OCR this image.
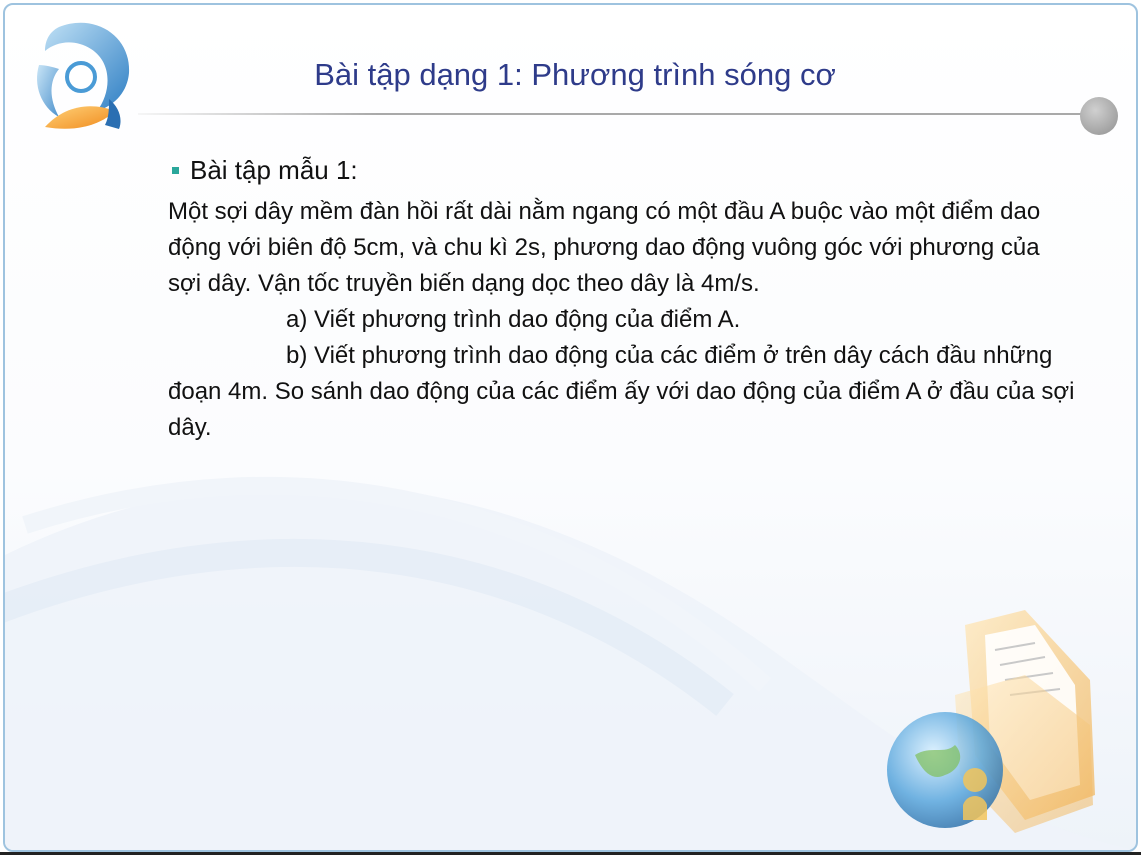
Bài tập dạng 1: Phương trình sóng cơ
Bài tập mẫu 1:

Một sợi dây mềm đàn hồi rất dài nằm ngang có một đầu A buộc vào một điểm dao động với biên độ 5cm, và chu kì 2s, phương dao động vuông góc với phương của sợi dây. Vận tốc truyền biến dạng dọc theo dây là 4m/s.

a) Viết phương trình dao động của điểm A.

b) Viết phương trình dao động của các điểm ở trên dây cách đầu những đoạn 4m. So sánh dao động của các điểm ấy với dao động của điểm A ở đầu của sợi dây.
